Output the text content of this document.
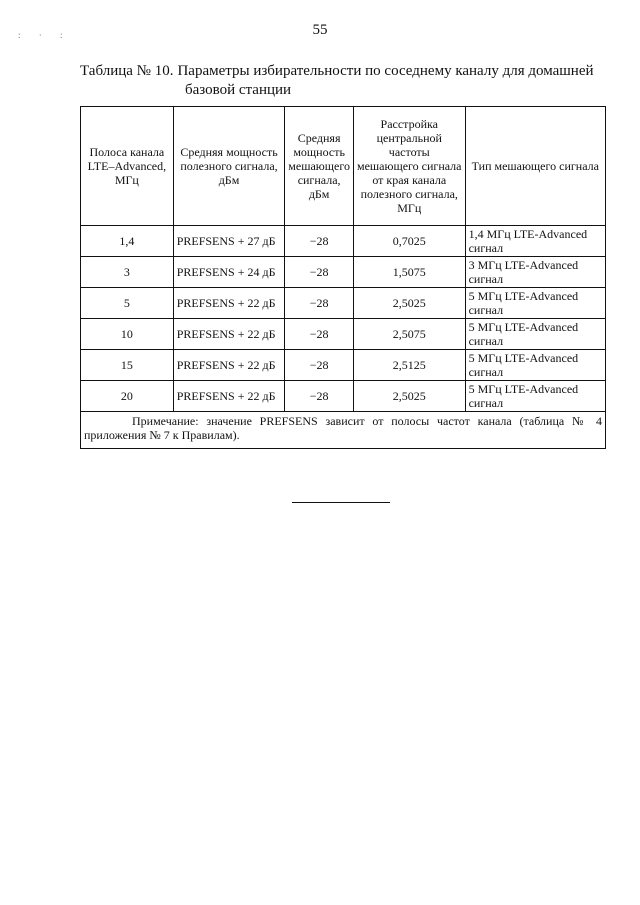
55
: · :
Таблица № 10. Параметры избирательности по соседнему каналу для домашней
базовой станции
Полоса канала LTE–Advanced, МГц	Средняя мощность полезного сигнала, дБм	Средняя мощность мешающего сигнала, дБм	Расстройка центральной частоты мешающего сигнала от края канала полезного сигнала, МГц	Тип мешающего сигнала
1,4	PREFSENS + 27 дБ	−28	0,7025	1,4 МГц LTE-Advanced сигнал
3	PREFSENS + 24 дБ	−28	1,5075	3 МГц LTE-Advanced сигнал
5	PREFSENS + 22 дБ	−28	2,5025	5 МГц LTE-Advanced сигнал
10	PREFSENS + 22 дБ	−28	2,5075	5 МГц LTE-Advanced сигнал
15	PREFSENS + 22 дБ	−28	2,5125	5 МГц LTE-Advanced сигнал
20	PREFSENS + 22 дБ	−28	2,5025	5 МГц LTE-Advanced сигнал
Примечание: значение PREFSENS зависит от полосы частот канала (таблица № 4 приложения № 7 к Правилам).				
